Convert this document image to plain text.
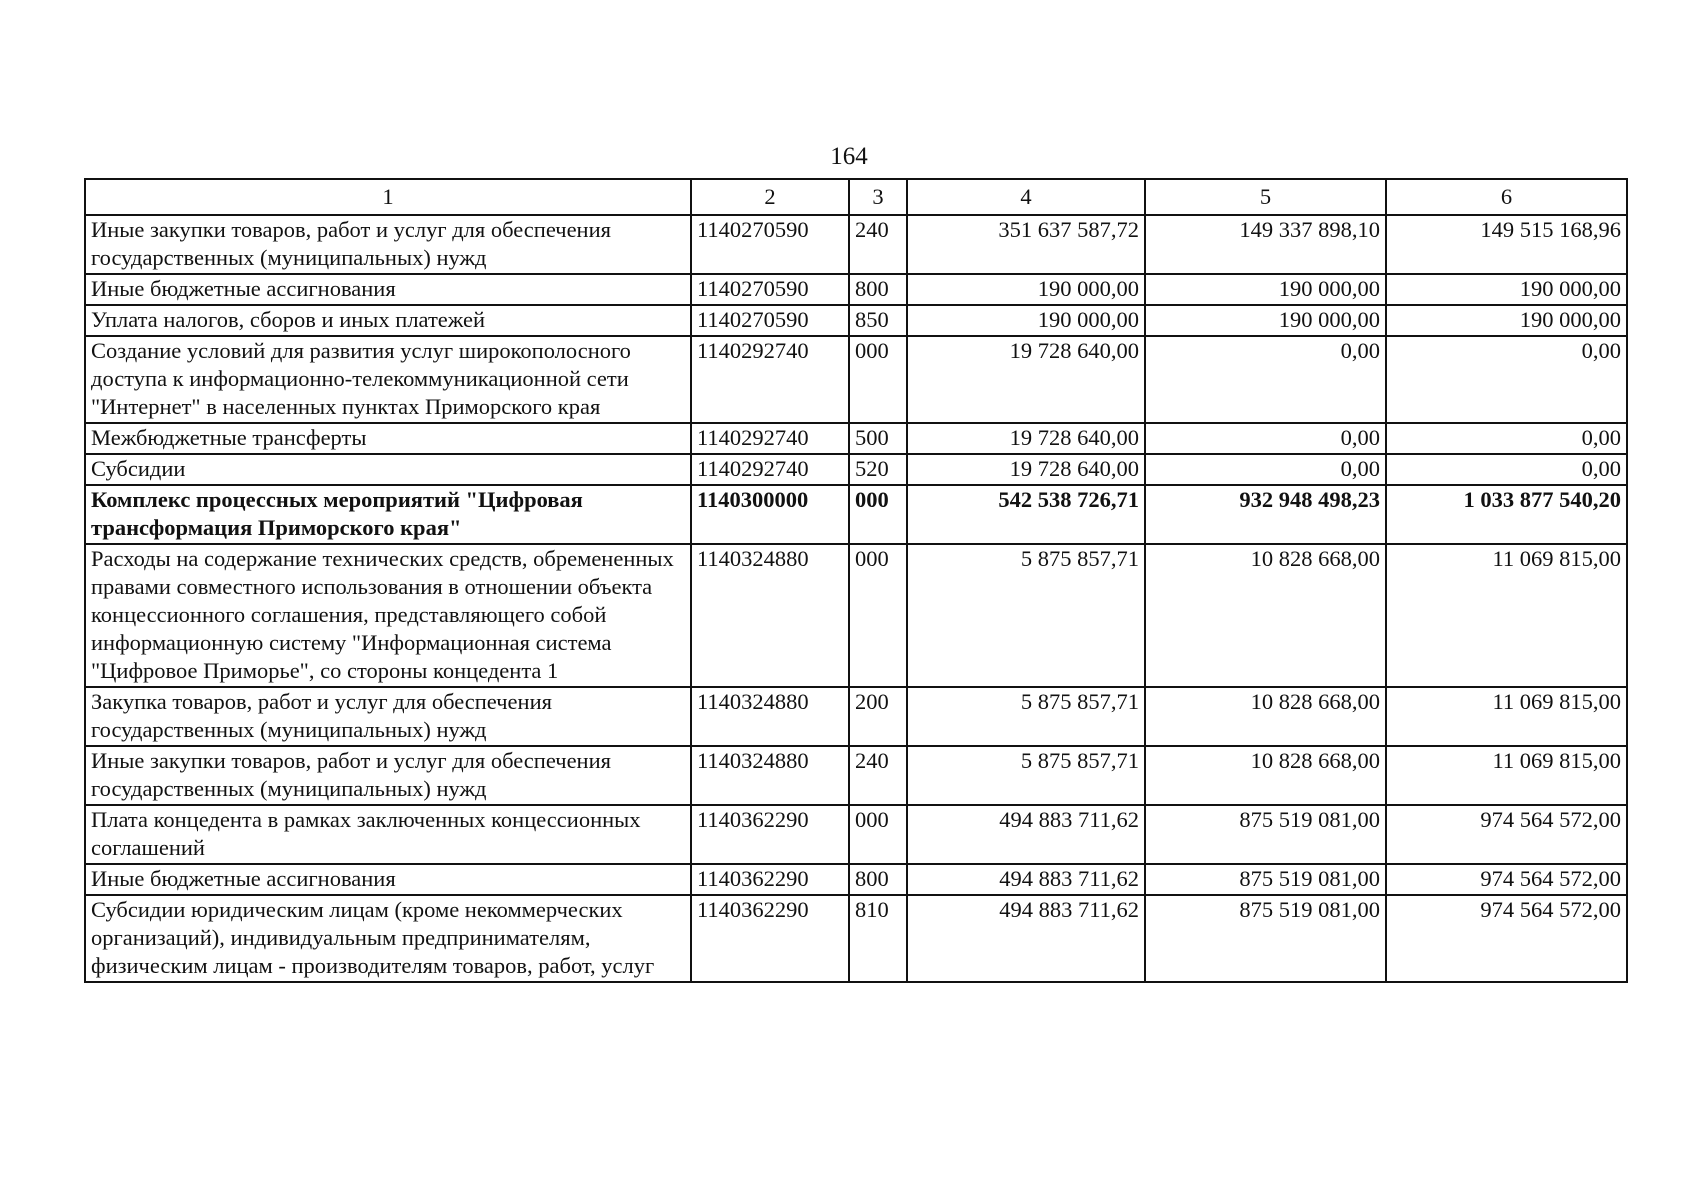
164
1	2	3	4	5	6
Иные закупки товаров, работ и услуг для обеспечения государственных (муниципальных) нужд	1140270590	240	351 637 587,72	149 337 898,10	149 515 168,96
Иные бюджетные ассигнования	1140270590	800	190 000,00	190 000,00	190 000,00
Уплата налогов, сборов и иных платежей	1140270590	850	190 000,00	190 000,00	190 000,00
Создание условий для развития услуг широкополосного доступа к информационно-телекоммуникационной сети "Интернет" в населенных пунктах Приморского края	1140292740	000	19 728 640,00	0,00	0,00
Межбюджетные трансферты	1140292740	500	19 728 640,00	0,00	0,00
Субсидии	1140292740	520	19 728 640,00	0,00	0,00
Комплекс процессных мероприятий "Цифровая трансформация Приморского края"	1140300000	000	542 538 726,71	932 948 498,23	1 033 877 540,20
Расходы на содержание технических средств, обремененных правами совместного использования в отношении объекта концессионного соглашения, представляющего собой информационную систему "Информационная система "Цифровое Приморье", со стороны концедента 1	1140324880	000	5 875 857,71	10 828 668,00	11 069 815,00
Закупка товаров, работ и услуг для обеспечения государственных (муниципальных) нужд	1140324880	200	5 875 857,71	10 828 668,00	11 069 815,00
Иные закупки товаров, работ и услуг для обеспечения государственных (муниципальных) нужд	1140324880	240	5 875 857,71	10 828 668,00	11 069 815,00
Плата концедента в рамках заключенных концессионных соглашений	1140362290	000	494 883 711,62	875 519 081,00	974 564 572,00
Иные бюджетные ассигнования	1140362290	800	494 883 711,62	875 519 081,00	974 564 572,00
Субсидии юридическим лицам (кроме некоммерческих организаций), индивидуальным предпринимателям, физическим лицам - производителям товаров, работ, услуг	1140362290	810	494 883 711,62	875 519 081,00	974 564 572,00
